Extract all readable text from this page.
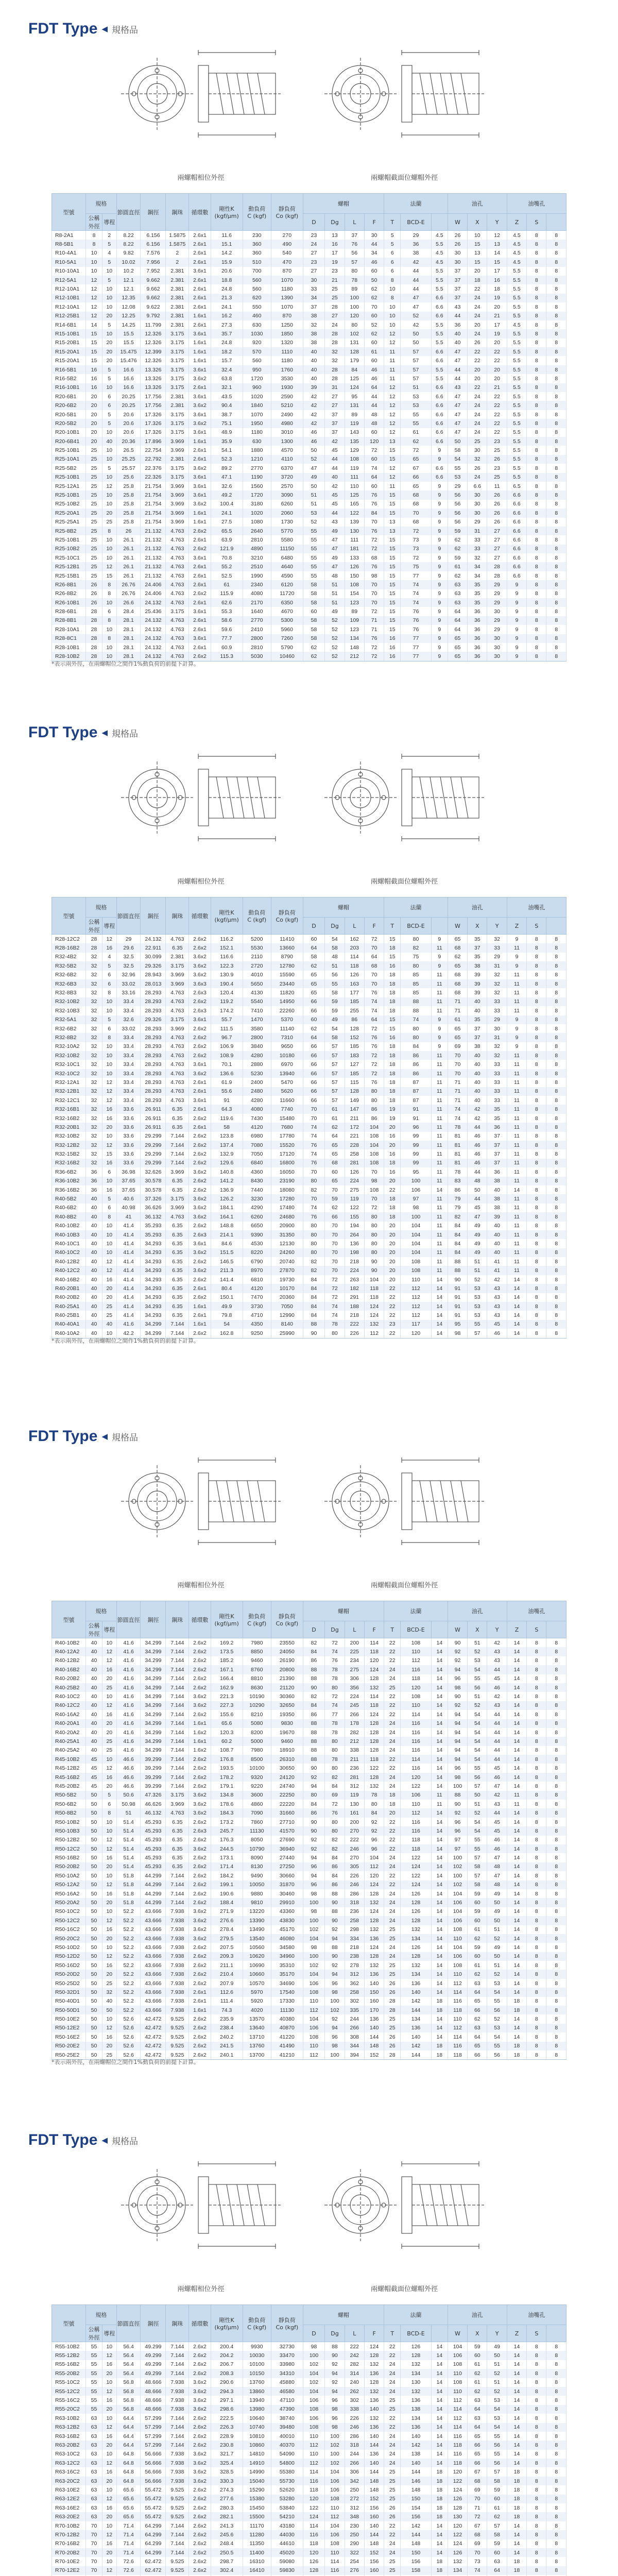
FDT Type ◀ 規格品
兩螺帽相位外徑	兩螺帽截面位螺帽外徑
型號	規格		節圓直徑	鋼徑	鋼珠	循環數	剛性K
(kgf/μm)	動負荷
C (kgf)	靜負荷
Co (kgf)	螺帽				法蘭			油孔			油嘴孔		
	公稱外徑	導程								D	Dg	L	F	T	BCD-E		W	X	Y	Z	S	
R8-2A1	8	2	8.22	6.156	1.5875	2.6x1	11.6	230	270	23	13	37	30	5	29	4.5	26	10	12	4.5	8	8
R8-5B1	8	5	8.22	6.156	1.5875	2.6x1	15.1	360	490	24	16	76	44	5	36	5.5	26	15	13	4.5	8	8
R10-4A1	10	4	9.82	7.576	2	2.6x1	14.2	360	540	27	17	56	34	6	38	4.5	30	13	14	4.5	8	8
R10-5A1	10	5	10.02	7.956	2	2.6x1	15.9	510	470	23	19	57	46	6	42	4.5	30	15	15	4.5	8	8
R10-10A1	10	10	10.2	7.952	2.381	3.6x1	20.6	700	870	27	23	80	60	6	44	5.5	37	20	17	5.5	8	8
R12-5A1	12	5	12.1	9.662	2.381	2.6x1	18.8	560	1070	30	21	78	50	8	44	5.5	37	18	16	5.5	8	8
R12-10A1	12	10	12.1	9.662	2.381	2.6x1	24.8	560	1180	33	25	89	62	10	44	5.5	37	22	18	5.5	8	8
R12-10B1	12	10	12.35	9.662	2.381	2.6x1	21.3	620	1390	34	25	100	62	8	47	6.6	37	24	19	5.5	8	8
R12-10A1	12	10	12.08	9.622	2.381	2.6x1	24.1	550	1070	37	28	100	70	10	47	6.6	43	24	20	5.5	8	8
R12-25B1	12	20	12.25	9.792	2.381	1.6x1	16.2	460	870	38	27	120	60	10	52	6.6	44	24	21	5.5	8	8
R14-6B1	14	5	14.25	11.799	2.381	2.6x1	27.3	630	1250	32	24	80	52	10	42	5.5	36	20	17	4.5	8	8
R15-10B1	15	10	15.5	12.326	3.175	3.6x1	35.7	1030	1850	38	28	102	62	12	50	5.5	40	24	19	5.5	8	8
R15-20B1	15	20	15.5	12.326	3.175	1.6x1	24.8	920	1320	38	28	131	60	12	50	5.5	40	26	20	5.5	8	8
R15-20A1	15	20	15.475	12.399	3.175	1.6x1	18.2	570	1110	40	32	128	61	11	57	6.6	47	22	22	5.5	8	8
R15-20A1	15	20	15.476	12.326	3.175	1.6x1	15.7	560	1180	40	32	179	60	11	57	6.6	47	22	22	5.5	8	8
R16-5B1	16	5	16.6	13.326	3.175	3.6x1	32.4	950	1760	40	28	84	46	11	57	5.5	44	20	20	5.5	8	8
R16-5B2	16	5	16.6	13.326	3.175	3.6x2	63.8	1720	3530	40	28	125	46	11	57	5.5	44	20	20	5.5	8	8
R16-10B1	16	10	16.6	13.326	3.175	2.6x1	32.1	960	1930	39	31	124	64	12	51	6.6	43	22	21	5.5	8	8
R20-6B1	20	6	20.25	17.756	2.381	3.6x1	43.5	1020	2590	42	27	95	44	12	53	6.6	47	24	22	5.5	8	8
R20-6B2	20	6	20.25	17.756	2.381	3.6x2	90.4	1840	5210	42	27	131	44	12	53	6.6	47	24	22	5.5	8	8
R20-5B1	20	5	20.6	17.326	3.175	3.6x1	38.7	1070	2490	42	37	89	48	12	55	6.6	47	24	22	5.5	8	8
R20-5B2	20	5	20.6	17.326	3.175	3.6x2	75.1	1950	4980	42	37	119	48	12	55	6.6	47	24	22	5.5	8	8
R20-10B1	20	10	20.6	17.326	3.175	3.6x1	48.9	1180	3010	46	37	143	60	12	61	6.6	47	24	22	5.5	8	8
R20-6B41	20	40	20.36	17.896	3.969	1.6x1	35.9	630	1300	46	42	135	120	13	62	6.6	50	25	23	5.5	8	8
R25-10B1	25	10	26.5	22.754	3.969	2.6x1	54.1	1880	4570	50	45	129	72	15	72	9	58	30	25	5.5	8	8
R25-10A1	25	10	25.25	22.792	2.381	2.6x1	52.3	1210	4110	52	44	108	60	15	65	9	54	32	26	5.5	8	8
R25-5B2	25	5	25.57	22.376	3.175	3.6x2	89.2	2770	6370	47	44	119	74	12	67	6.6	55	26	23	5.5	8	8
R25-10B1	25	10	25.6	22.326	3.175	3.6x1	47.1	1190	3720	49	40	111	64	12	66	6.6	53	24	25	5.5	8	8
R25-12A1	25	12	25.8	21.754	3.969	3.6x1	32.6	1560	2570	50	42	110	60	11	65	9	29	6.6	11	6.5	8	8
R25-10B1	25	10	25.8	21.754	3.969	3.6x1	49.2	1720	3090	51	45	125	76	15	68	9	56	30	26	6.6	8	8
R25-10B2	25	10	25.8	21.754	3.969	3.6x2	100.4	3180	6260	51	45	165	76	15	68	9	56	30	26	6.6	8	8
R25-20A1	25	20	25.8	21.754	3.969	1.6x1	24.1	1020	2060	53	44	122	84	15	70	9	56	30	26	6.6	8	8
R25-25A1	25	25	25.8	21.754	3.969	1.6x1	27.5	1080	1730	52	43	139	70	13	68	9	56	29	26	6.6	8	8
R25-8B2	25	8	26	21.132	4.763	2.6x2	65.5	2640	5770	55	49	130	76	13	72	9	59	31	27	6.6	8	8
R25-10B1	25	10	26.1	21.132	4.763	2.6x1	63.9	2810	5580	55	47	111	72	15	73	9	62	33	27	6.6	8	8
R25-10B2	25	10	26.1	21.132	4.763	2.6x2	121.9	4890	11150	55	47	181	72	15	73	9	62	33	27	6.6	8	8
R25-10C1	25	10	26.1	21.132	4.763	3.6x1	70.8	3210	6480	55	49	133	68	15	72	9	59	32	27	6.6	8	8
R25-12B1	25	12	26.1	21.132	4.763	2.6x1	55.2	2510	4640	55	47	126	76	15	75	9	61	34	28	6.6	8	8
R25-15B1	25	15	26.1	21.132	4.763	2.6x1	52.5	1990	4590	55	48	150	98	15	77	9	62	34	28	6.6	8	8
R26-8B1	26	8	26.76	24.406	4.763	2.6x1	61	2340	6120	58	51	108	70	15	74	9	63	35	29	9	8	8
R26-8B2	26	8	26.76	24.406	4.763	2.6x2	115.9	4080	11720	58	51	154	70	15	74	9	63	35	29	9	8	8
R26-10B1	26	10	26.6	24.132	4.763	2.6x1	62.6	2170	6350	58	51	123	70	15	74	9	63	35	29	9	8	8
R28-6B1	28	6	28.4	25.436	3.175	3.6x1	55.3	1640	4670	60	49	89	72	15	76	9	64	36	30	9	8	8
R28-8B1	28	8	28.1	24.132	4.763	2.6x1	58.6	2770	5300	58	52	109	71	15	76	9	64	36	29	9	8	8
R28-10A1	28	10	28.1	24.132	4.763	2.6x1	59.6	2410	5960	58	52	123	71	15	76	9	64	36	29	9	8	8
R28-8C1	28	8	28.1	24.132	4.763	3.6x1	77.7	2800	7260	58	52	134	76	16	77	9	65	36	30	9	8	8
R28-10B1	28	10	28.1	24.132	4.763	2.6x1	60.9	2810	5790	62	52	148	72	16	77	9	65	36	30	9	8	8
R28-10B2	28	10	28.1	24.132	4.763	2.6x2	115.3	5030	10460	62	52	212	72	16	77	9	65	36	30	9	8	8
*表示兩外徑，在兩螺帽位之間作1%動負荷的前提下計算。
FDT Type ◀ 規格品
兩螺帽相位外徑	兩螺帽截面位螺帽外徑
型號	規格		節圓直徑	鋼徑	鋼珠	循環數	剛性K
(kgf/μm)	動負荷
C (kgf)	靜負荷
Co (kgf)	螺帽				法蘭			油孔			油嘴孔		
	公稱外徑	導程								D	Dg	L	F	T	BCD-E		W	X	Y	Z	S	
R28-12C2	28	12	29	24.132	4.763	2.6x2	116.2	5200	11410	60	54	162	72	15	80	9	65	35	32	9	8	8
R28-16B2	28	16	29.6	22.911	6.35	2.6x2	152.1	5530	13660	64	58	203	70	18	82	11	68	37	33	11	8	8
R32-4B2	32	4	32.5	30.099	2.381	3.6x2	116.6	2110	8790	58	48	114	64	15	75	9	62	35	29	9	8	8
R32-5B2	32	5	32.5	29.326	3.175	3.6x2	122.3	2720	12780	62	51	118	68	16	80	9	65	38	31	9	8	8
R32-6B2	32	6	32.96	28.943	3.969	3.6x2	130.9	4010	15590	65	56	126	70	18	85	11	68	39	32	11	8	8
R32-6B3	32	6	33.02	28.013	3.969	3.6x3	190.4	5650	23440	65	55	163	70	18	85	11	68	39	32	11	8	8
R32-8B3	32	8	33.16	28.293	4.763	2.6x3	120.4	4130	11820	65	58	177	76	18	85	11	68	39	32	11	8	8
R32-10B2	32	10	33.4	28.293	4.763	2.6x2	119.2	5540	14950	66	59	185	74	18	88	11	71	40	33	11	8	8
R32-10B3	32	10	33.4	28.293	4.763	2.6x3	174.2	7410	22260	66	59	255	74	18	88	11	71	40	33	11	8	8
R32-5A1	32	5	32.6	29.326	3.175	3.6x1	55.7	1470	5370	60	49	86	64	15	74	9	61	35	29	9	8	8
R32-6B2	32	6	33.02	28.293	3.969	2.6x2	111.5	3580	11140	62	54	128	72	15	80	9	65	37	30	9	8	8
R32-8B2	32	8	33.4	28.293	4.763	2.6x2	96.7	2800	7310	64	58	152	76	16	80	9	65	37	31	9	8	8
R32-10A2	32	10	33.4	28.293	4.763	2.6x2	106.9	3840	9650	66	57	185	76	18	84	9	69	38	32	9	8	8
R32-10B2	32	10	33.4	28.293	4.763	2.6x2	108.9	4280	10180	66	57	183	72	18	86	11	70	40	32	11	8	8
R32-10C1	32	10	33.4	28.293	4.763	3.6x1	70.1	2880	6970	66	57	127	72	18	86	11	70	40	33	11	8	8
R32-10C2	32	10	33.4	28.293	4.763	3.6x2	136.6	5230	13940	66	57	185	72	18	86	11	70	40	33	11	8	8
R32-12A1	32	12	33.4	28.293	4.763	2.6x1	61.9	2400	5470	66	57	115	76	18	87	11	71	40	33	11	8	8
R32-12B1	32	12	33.4	28.293	4.763	2.6x1	55.6	2480	5620	66	57	128	80	18	87	11	71	40	33	11	8	8
R32-12C1	32	12	33.4	28.293	4.763	3.6x1	91	4280	11660	66	57	149	80	18	87	11	71	40	33	11	8	8
R32-16B1	32	16	33.6	26.911	6.35	2.6x1	64.3	4080	7740	70	61	147	86	19	91	11	74	42	35	11	8	8
R32-16B2	32	16	33.6	26.911	6.35	2.6x2	119.6	7430	15480	70	61	211	86	19	91	11	74	42	35	11	8	8
R32-20B1	32	20	33.6	26.911	6.35	2.6x1	58	4120	7680	74	62	172	104	20	96	11	78	44	36	11	8	8
R32-10B2	32	10	33.6	29.299	7.144	2.6x2	123.8	6980	17780	74	64	221	108	16	99	11	81	46	37	11	8	8
R32-12B2	32	12	33.6	29.299	7.144	2.6x2	137.4	7080	15520	76	65	228	104	20	99	11	81	46	37	11	8	8
R32-15B2	32	15	33.6	29.299	7.144	2.6x2	132.9	7050	17120	74	65	258	108	16	99	11	81	46	37	11	8	8
R32-16B2	32	16	33.6	29.299	7.144	2.6x2	129.6	6840	16800	76	68	281	108	18	99	11	81	46	37	11	8	8
R36-6B2	36	6	36.98	32.626	3.969	3.6x2	140.8	4360	16050	70	60	126	70	16	95	11	78	44	36	11	8	8
R36-10B2	36	10	37.65	30.578	6.35	2.6x2	141.2	8430	23190	80	65	224	98	20	100	11	83	48	38	11	8	8
R36-16B2	36	16	37.65	30.578	6.35	2.6x2	136.9	7440	18080	82	70	275	108	22	106	14	86	50	40	14	8	8
R40-5B2	40	5	40.6	37.326	3.175	3.6x2	126.2	3230	17280	70	59	119	70	18	97	11	79	44	38	11	8	8
R40-6B2	40	6	40.98	36.626	3.969	3.6x2	184.1	4290	17480	74	62	122	72	18	98	11	79	45	38	11	8	8
R40-8B2	40	8	41	36.132	4.763	3.6x2	164.1	6260	24680	76	66	155	80	18	100	11	82	47	39	11	8	8
R40-10B2	40	10	41.4	35.293	6.35	2.6x2	148.8	6650	20900	80	70	194	80	20	104	11	84	49	40	11	8	8
R40-10B3	40	10	41.4	35.293	6.35	2.6x3	214.1	9390	31350	80	70	264	80	20	104	11	84	49	40	11	8	8
R40-10C1	40	10	41.4	34.293	6.35	3.6x1	84.6	4530	12130	80	70	136	80	20	104	11	84	49	40	11	8	8
R40-10C2	40	10	41.4	34.293	6.35	3.6x2	151.5	8220	24260	80	70	198	80	20	104	11	84	49	40	11	8	8
R40-12B2	40	12	41.4	34.293	6.35	2.6x2	146.5	6790	20740	82	70	218	90	20	108	11	88	51	41	11	8	8
R40-12C2	40	12	41.4	34.293	6.35	3.6x2	211.3	8970	27870	82	70	224	90	20	108	11	88	51	41	11	8	8
R40-16B2	40	16	41.4	34.293	6.35	2.6x2	141.4	6810	19730	84	72	263	104	20	110	14	90	52	42	14	8	8
R40-20B1	40	20	41.4	34.293	6.35	2.6x1	80.4	4120	10170	84	72	182	118	22	112	14	91	53	43	14	8	8
R40-20B2	40	20	41.4	34.293	6.35	2.6x2	150.1	7470	20360	84	72	291	118	22	112	14	91	53	43	14	8	8
R40-25A1	40	25	41.4	34.293	6.35	1.6x1	49.9	3730	7050	84	74	188	124	22	112	14	91	53	43	14	8	8
R40-25B1	40	25	41.4	34.293	6.35	2.6x1	79.8	4710	12990	84	74	218	124	22	112	14	91	53	43	14	8	8
R40-40A1	40	40	41.6	34.299	7.144	1.6x1	54	4350	8140	88	78	222	132	23	117	14	95	55	45	14	8	8
R40-10A2	40	10	42.2	34.299	7.144	2.6x2	162.8	9250	25990	90	80	226	112	22	120	14	98	57	46	14	8	8
*表示兩外徑，在兩螺帽位之間作1%動負荷的前提下計算。
FDT Type ◀ 規格品
兩螺帽相位外徑	兩螺帽截面位螺帽外徑
型號	規格		節圓直徑	鋼徑	鋼珠	循環數	剛性K
(kgf/μm)	動負荷
C (kgf)	靜負荷
Co (kgf)	螺帽				法蘭			油孔			油嘴孔		
	公稱外徑	導程								D	Dg	L	F	T	BCD-E		W	X	Y	Z	S	
R40-10B2	40	10	41.6	34.299	7.144	2.6x2	169.2	7980	23550	82	72	200	114	22	108	14	90	51	42	14	8	8
R40-12A2	40	12	41.6	34.299	7.144	2.6x2	173.5	8850	24050	84	74	225	118	22	110	14	92	52	43	14	8	8
R40-12B2	40	12	41.6	34.299	7.144	2.6x2	185.2	9460	26190	86	76	234	120	22	112	14	92	53	43	14	8	8
R40-16B2	40	16	41.6	34.299	7.144	2.6x2	167.1	8760	20800	88	78	275	124	24	116	14	94	54	44	14	8	8
R40-20B2	40	20	41.6	34.299	7.144	2.6x2	166.4	8810	21390	88	78	306	128	24	118	14	96	55	45	14	8	8
R40-25B2	40	25	41.6	34.299	7.144	2.6x2	162.9	8630	21120	90	80	356	132	25	120	14	98	56	46	14	8	8
R40-10C2	40	10	41.6	34.299	7.144	3.6x2	221.3	10190	30360	82	72	224	114	22	108	14	90	51	42	14	8	8
R40-12C2	40	12	41.6	34.299	7.144	3.6x2	227.3	10290	32650	84	74	245	118	22	110	14	92	52	43	14	8	8
R40-16A2	40	16	41.6	34.299	7.144	2.6x2	155.6	8210	19350	86	77	266	124	22	114	14	94	54	44	14	8	8
R40-20A1	40	20	41.6	34.299	7.144	1.6x1	65.6	5080	9830	88	78	178	128	24	116	14	94	54	44	14	8	8
R40-20A2	40	20	41.6	34.299	7.144	1.6x2	120.3	8200	19670	88	78	282	128	24	116	14	94	54	44	14	8	8
R40-25A1	40	25	41.6	34.299	7.144	1.6x1	60.2	5000	9460	88	80	212	128	24	116	14	94	54	44	14	8	8
R40-25A2	40	25	41.6	34.299	7.144	1.6x2	108.7	7980	18910	88	80	338	128	24	116	14	94	54	44	14	8	8
R45-10B2	45	10	46.6	39.299	7.144	2.6x2	176.8	8500	26310	88	78	211	118	22	114	14	94	54	44	14	8	8
R45-12B2	45	12	46.6	39.299	7.144	2.6x2	193.5	10100	30650	90	80	236	122	22	116	14	96	55	45	14	8	8
R45-16B2	45	16	46.6	39.299	7.144	2.6x2	178.2	9320	24120	92	82	281	128	24	120	14	98	56	46	14	8	8
R45-20B2	45	20	46.6	39.299	7.144	2.6x2	179.1	9220	24740	94	84	312	132	24	122	14	100	57	47	14	8	8
R50-5B2	50	5	50.6	47.326	3.175	3.6x2	134.8	3600	22250	80	69	119	78	18	106	11	88	50	42	11	8	8
R50-6B2	50	6	50.98	46.626	3.969	3.6x2	178.6	4860	22220	84	72	130	80	18	110	11	90	51	43	11	8	8
R50-8B2	50	8	51	46.132	4.763	3.6x2	184.3	7090	31660	86	76	161	84	20	112	14	92	52	44	14	8	8
R50-10B2	50	10	51.4	45.293	6.35	2.6x2	173.2	7860	27710	90	80	200	92	22	116	14	96	54	45	14	8	8
R50-10B3	50	10	51.4	45.293	6.35	2.6x3	245.7	11130	41570	90	80	270	92	22	116	14	96	54	45	14	8	8
R50-12B2	50	12	51.4	45.293	6.35	2.6x2	176.3	8050	27690	92	82	222	96	22	118	14	97	55	46	14	8	8
R50-12C2	50	12	51.4	45.293	6.35	3.6x2	244.5	10790	36940	92	82	246	96	22	118	14	97	55	46	14	8	8
R50-16B2	50	16	51.4	45.293	6.35	2.6x2	173.1	8090	27440	94	84	270	104	24	122	14	100	57	47	14	8	8
R50-20B2	50	20	51.4	45.293	6.35	2.6x2	171.4	8130	27250	96	86	305	112	24	124	14	102	58	48	14	8	8
R50-10A2	50	10	51.8	44.299	7.144	2.6x2	184.2	9490	30660	94	84	226	120	22	122	14	100	57	47	14	8	8
R50-12A2	50	12	51.8	44.299	7.144	2.6x2	199.1	10050	31870	96	86	246	124	22	124	14	102	58	48	14	8	8
R50-16A2	50	16	51.8	44.299	7.144	2.6x2	190.6	9880	30460	98	88	286	128	24	126	14	104	59	49	14	8	8
R50-20A2	50	20	51.8	44.299	7.144	2.6x2	188.4	9810	29910	100	90	318	132	24	128	14	106	60	50	14	8	8
R50-10C2	50	10	52.2	43.666	7.938	3.6x2	271.9	13220	43360	98	88	236	124	24	126	14	104	59	49	14	8	8
R50-12C2	50	12	52.2	43.666	7.938	3.6x2	276.6	13390	43830	100	90	258	128	24	128	14	106	60	50	14	8	8
R50-16C2	50	16	52.2	43.666	7.938	3.6x2	278.4	13490	45170	102	92	298	132	25	132	14	108	61	51	14	8	8
R50-20C2	50	20	52.2	43.666	7.938	3.6x2	279.5	13540	46080	104	94	334	136	25	134	14	110	62	52	14	8	8
R50-10D2	50	10	52.2	43.666	7.938	2.6x2	207.5	10560	34580	98	88	218	124	24	126	14	104	59	49	14	8	8
R50-12D2	50	12	52.2	43.666	7.938	2.6x2	209.3	10620	34960	100	90	238	128	24	128	14	106	60	50	14	8	8
R50-16D2	50	16	52.2	43.666	7.938	2.6x2	211.1	10690	35310	102	92	278	132	25	132	14	108	61	51	14	8	8
R50-20D2	50	20	52.2	43.666	7.938	2.6x2	210.4	10660	35170	104	94	312	136	25	134	14	110	62	52	14	8	8
R50-25D2	50	25	52.2	43.666	7.938	2.6x2	207.9	10570	34690	106	96	362	140	26	136	14	112	63	53	14	8	8
R50-32D1	50	32	52.2	43.666	7.938	2.6x1	112.6	5970	17540	108	98	258	150	26	140	14	114	64	54	14	8	8
R50-40D1	50	40	52.2	43.666	7.938	2.6x1	111.4	5920	17330	110	100	302	160	28	142	18	116	65	55	18	8	8
R50-50D1	50	50	52.2	43.666	7.938	1.6x1	74.3	4020	11130	112	102	335	170	28	144	18	118	66	56	18	8	8
R50-10E2	50	10	52.6	42.472	9.525	2.6x2	235.9	13570	40380	104	92	244	136	25	134	14	110	62	52	14	8	8
R50-12E2	50	12	52.6	42.472	9.525	2.6x2	238.4	13640	40870	106	94	266	140	25	136	14	112	63	53	14	8	8
R50-16E2	50	16	52.6	42.472	9.525	2.6x2	240.2	13710	41220	108	96	308	144	26	140	14	114	64	54	14	8	8
R50-20E2	50	20	52.6	42.472	9.525	2.6x2	241.5	13760	41490	110	98	344	148	26	142	18	116	65	55	18	8	8
R50-25E2	50	25	52.6	42.472	9.525	2.6x2	240.1	13700	41210	112	100	394	152	28	144	18	118	66	56	18	8	8
*表示兩外徑，在兩螺帽位之間作1%動負荷的前提下計算。
FDT Type ◀ 規格品
兩螺帽相位外徑	兩螺帽截面位螺帽外徑
型號	規格		節圓直徑	鋼徑	鋼珠	循環數	剛性K
(kgf/μm)	動負荷
C (kgf)	靜負荷
Co (kgf)	螺帽				法蘭			油孔			油嘴孔		
	公稱外徑	導程								D	Dg	L	F	T	BCD-E		W	X	Y	Z	S	
R55-10B2	55	10	56.4	49.299	7.144	2.6x2	200.4	9930	32730	98	88	222	124	22	126	14	104	59	49	14	8	8
R55-12B2	55	12	56.4	49.299	7.144	2.6x2	204.2	10030	33470	100	90	242	128	22	128	14	106	60	50	14	8	8
R55-16B2	55	16	56.4	49.299	7.144	2.6x2	206.7	10100	33980	102	92	282	132	24	132	14	108	61	51	14	8	8
R55-20B2	55	20	56.4	49.299	7.144	2.6x2	208.3	10150	34310	104	94	314	136	24	134	14	110	62	52	14	8	8
R55-10C2	55	10	56.8	48.666	7.938	3.6x2	290.6	13760	45880	102	92	240	128	24	130	14	108	61	51	14	8	8
R55-12C2	55	12	56.8	48.666	7.938	3.6x2	294.3	13860	46580	104	94	262	132	24	132	14	110	62	52	14	8	8
R55-16C2	55	16	56.8	48.666	7.938	3.6x2	297.1	13940	47110	106	96	302	136	25	136	14	112	63	53	14	8	8
R55-20C2	55	20	56.8	48.666	7.938	3.6x2	298.6	13980	47390	108	98	338	140	25	138	14	114	64	54	14	8	8
R63-10B2	63	10	64.4	57.299	7.144	2.6x2	222.5	10640	38740	106	96	226	132	22	134	14	112	63	53	14	8	8
R63-12B2	63	12	64.4	57.299	7.144	2.6x2	226.3	10740	39480	108	98	246	136	22	136	14	114	64	54	14	8	8
R63-16B2	63	16	64.4	57.299	7.144	2.6x2	228.9	10810	40010	110	100	286	140	24	140	14	116	65	55	14	8	8
R63-20B2	63	20	64.4	57.299	7.144	2.6x2	230.8	10860	40370	112	102	318	144	24	142	14	118	66	56	14	8	8
R63-10C2	63	10	64.8	56.666	7.938	3.6x2	321.7	14810	54090	110	100	244	136	24	138	14	116	65	55	14	8	8
R63-12C2	63	12	64.8	56.666	7.938	3.6x2	325.4	14910	54800	112	102	266	140	24	140	14	118	66	56	14	8	8
R63-16C2	63	16	64.8	56.666	7.938	3.6x2	328.5	14990	55380	114	104	306	144	25	144	18	120	67	57	18	8	8
R63-20C2	63	20	64.8	56.666	7.938	3.6x2	330.3	15040	55730	116	106	342	148	25	146	18	122	68	58	18	8	8
R63-10E2	63	10	65.6	55.472	9.525	2.6x2	274.3	15290	52620	118	106	250	148	25	148	18	124	69	59	18	8	8
R63-12E2	63	12	65.6	55.472	9.525	2.6x2	277.6	15380	53280	120	108	272	152	25	150	18	126	70	60	18	8	8
R63-16E2	63	16	65.6	55.472	9.525	2.6x2	280.3	15450	53840	122	110	312	156	26	154	18	128	71	61	18	8	8
R63-20E2	63	20	65.6	55.472	9.525	2.6x2	282.1	15500	54210	124	112	348	160	26	156	18	130	72	62	18	8	8
R70-10B2	70	10	71.4	64.299	7.144	2.6x2	241.3	11170	43180	114	104	230	140	22	142	14	120	67	57	14	8	8
R70-12B2	70	12	71.4	64.299	7.144	2.6x2	245.6	11280	44030	116	106	250	144	22	144	14	122	68	58	14	8	8
R70-16B2	70	16	71.4	64.299	7.144	2.6x2	248.4	11350	44610	118	108	290	148	24	148	14	124	69	59	14	8	8
R70-20B2	70	20	71.4	64.299	7.144	2.6x2	250.5	11400	45020	120	110	322	152	24	150	14	126	70	60	14	8	8
R70-10E2	70	10	72.6	62.472	9.525	2.6x2	298.7	16310	59080	126	114	254	156	25	156	18	132	73	63	18	8	8
R70-12E2	70	12	72.6	62.472	9.525	2.6x2	302.4	16410	59830	128	116	276	160	25	158	18	134	74	64	18	8	8
